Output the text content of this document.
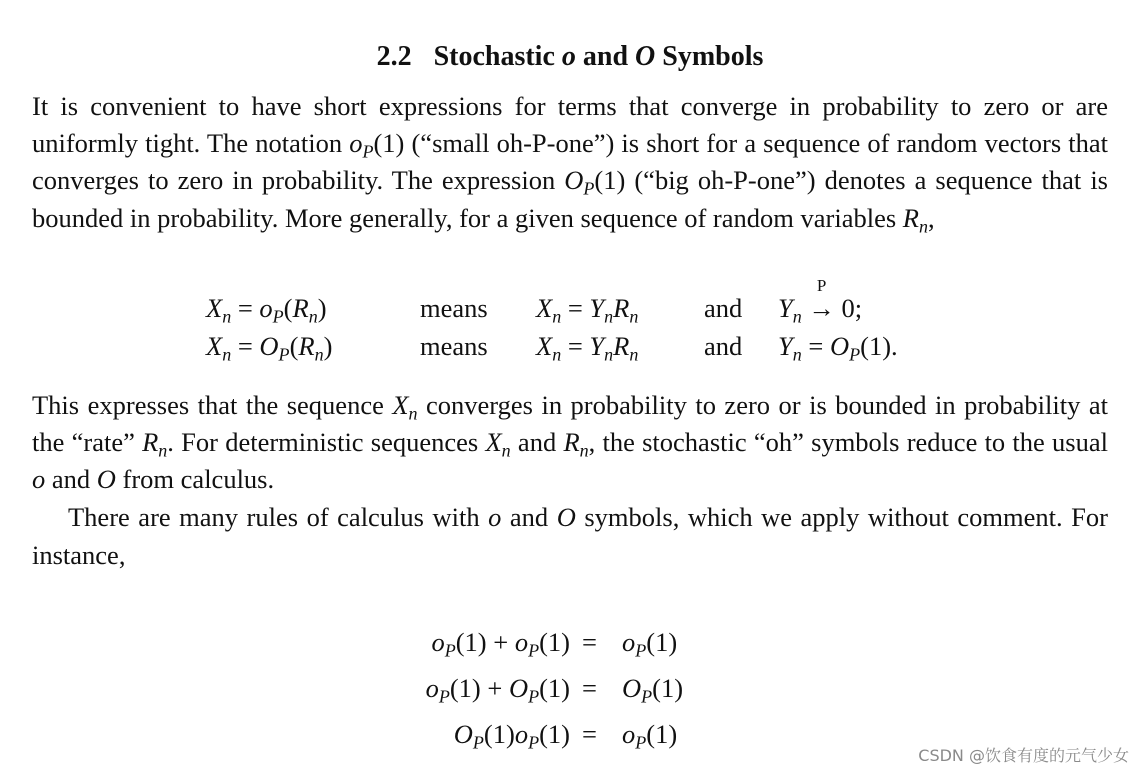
2.2 Stochastic o and O Symbols

It is convenient to have short expressions for terms that converge in probability to zero or are uniformly tight. The notation $o_P(1)$ (“small oh-P-one”) is short for a sequence of random vectors that converges to zero in probability. The expression $O_P(1)$ (“big oh-P-one”) denotes a sequence that is bounded in probability. More generally, for a given sequence of random variables $R_n$,

$X_n = o_P(R_n)$	means $X_n = Y_nR_n$ and $Y_n$
P
→ 0;
$X_n = O_P(R_n)$	means $X_n = Y_nR_n$ and $Y_n = O_P(1)$.

This expresses that the sequence $X_n$ converges in probability to zero or is bounded in probability at the “rate” $R_n$. For deterministic sequences $X_n$ and $R_n$, the stochastic “oh” symbols reduce to the usual o and O from calculus.

There are many rules of calculus with o and O symbols, which we apply without comment. For instance,

$o_P(1) + o_P(1) = o_P(1)$
$o_P(1) + O_P(1) = O_P(1)$
$O_P(1)o_P(1) = o_P(1)$
CSDN @饮食有度的元气少女
